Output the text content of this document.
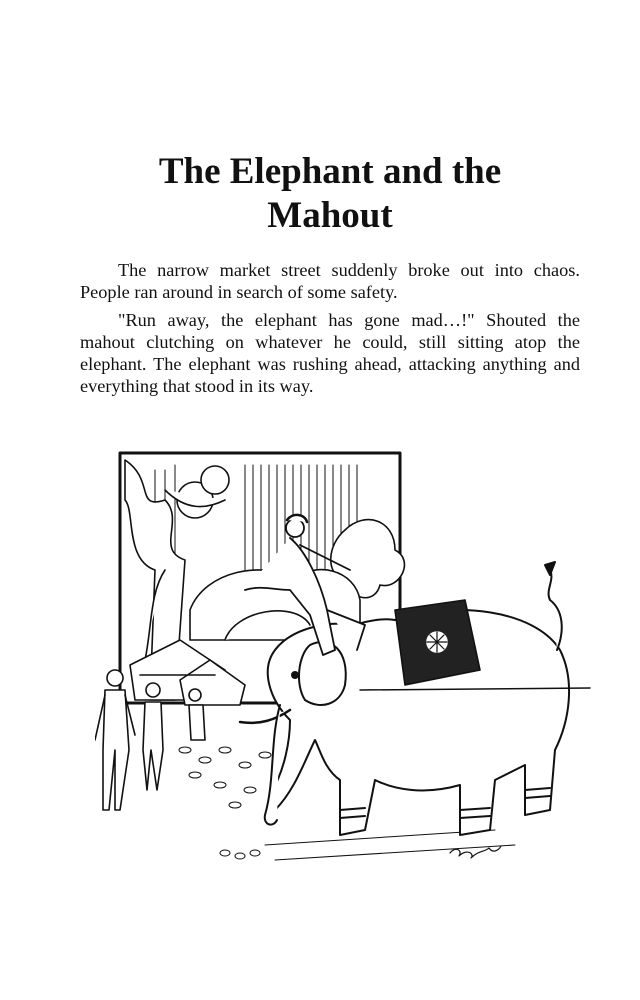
The Elephant and the
Mahout

The narrow market street suddenly broke out into chaos. People ran around in search of some safety.

"Run away, the elephant has gone mad…!" Shouted the mahout clutching on whatever he could, still sitting atop the elephant. The elephant was rushing ahead, attacking anything and everything that stood in its way.
